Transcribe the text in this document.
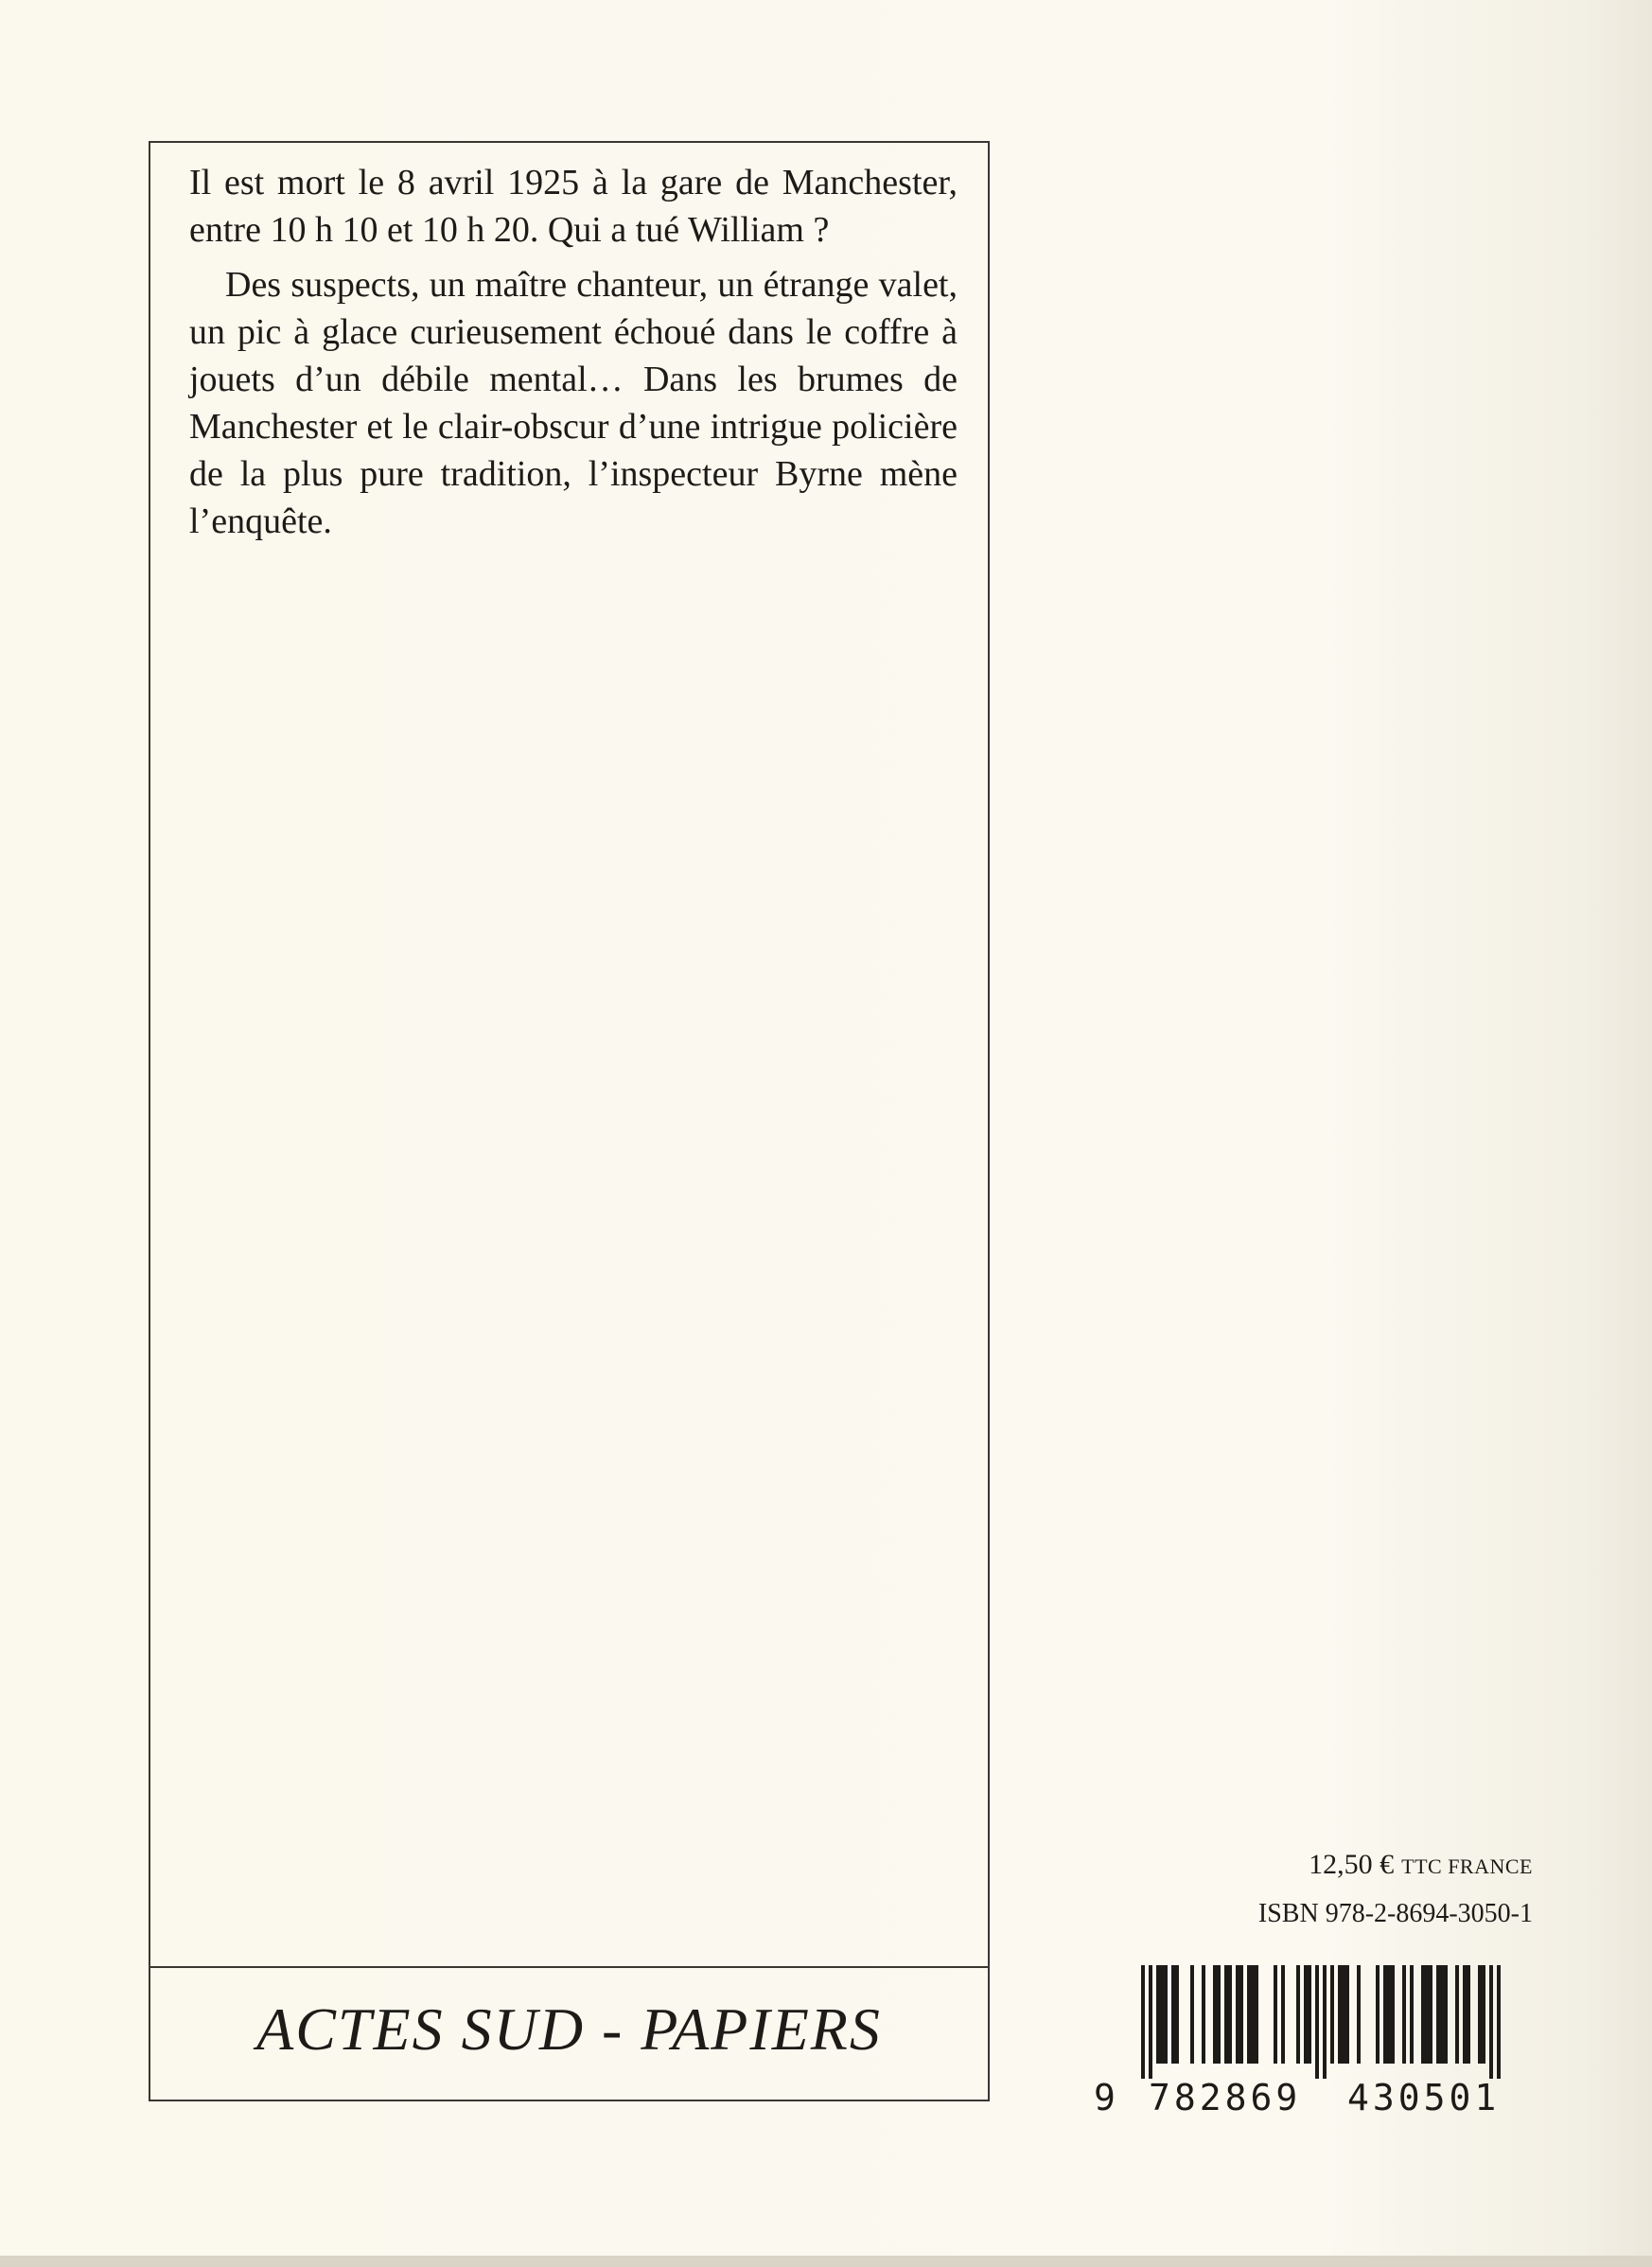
Il est mort le 8 avril 1925 à la gare de Manchester, entre 10 h 10 et 10 h 20. Qui a tué William ?

Des suspects, un maître chanteur, un étrange valet, un pic à glace curieusement échoué dans le coffre à jouets d’un débile mental… Dans les brumes de Manchester et le clair-obscur d’une intrigue policière de la plus pure tradition, l’inspecteur Byrne mène l’enquête.

ACTES SUD - PAPIERS
12,50 € TTC FRANCE
ISBN 978-2-8694-3050-1
9 782869 430501
